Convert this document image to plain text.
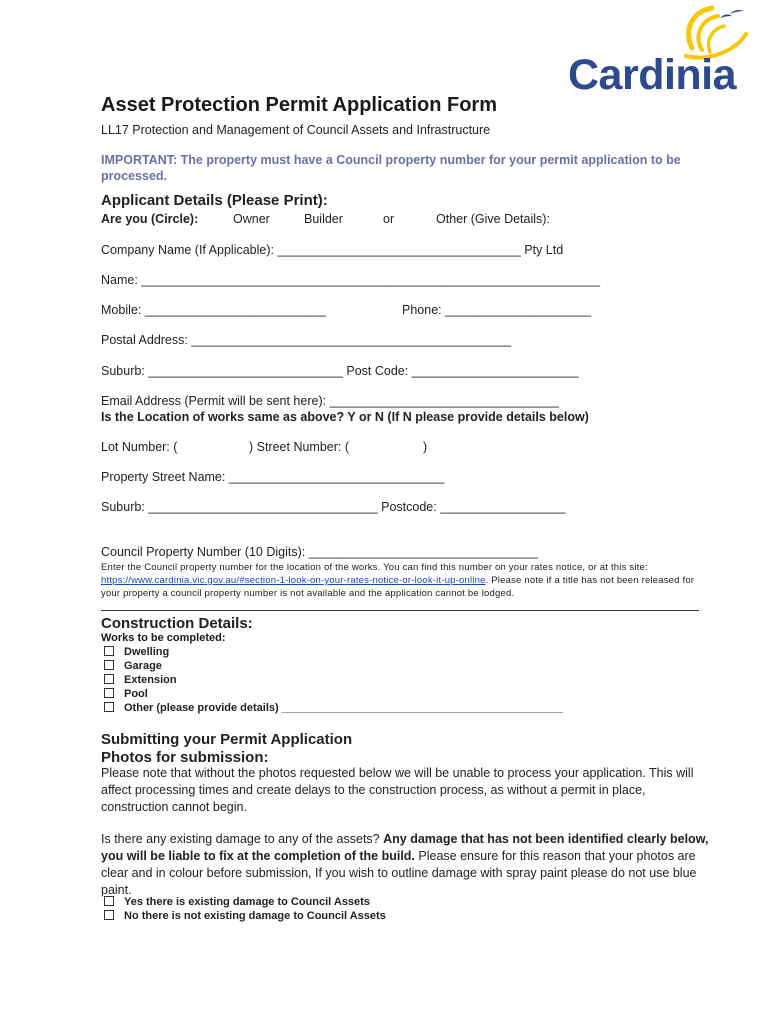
Cardinia
Asset Protection Permit Application Form
LL17 Protection and Management of Council Assets and Infrastructure
IMPORTANT: The property must have a Council property number for your permit application to be processed.
Applicant Details (Please Print):
Are you (Circle):	Owner	Builder	or	Other (Give Details):
Company Name (If Applicable): ___________________________________ Pty Ltd
Name: __________________________________________________________________
Mobile: __________________________	Phone: _____________________
Postal Address: ______________________________________________
Suburb: ____________________________ Post Code: ________________________
Email Address (Permit will be sent here): _________________________________
Is the Location of works same as above? Y or N (If N please provide details below)
Lot Number: (	) Street Number: (	)
Property Street Name: _______________________________
Suburb: _________________________________ Postcode: __________________
Council Property Number (10 Digits): _________________________________
Enter the Council property number for the location of the works. You can find this number on your rates notice, or at this site: https://www.cardinia.vic.gov.au/#section-1-look-on-your-rates-notice-or-look-it-up-online. Please note if a title has not been released for your property a council property number is not available and the application cannot be lodged.
Construction Details:
Works to be completed:
Dwelling
Garage
Extension
Pool
Other (please provide details) ______________________________________________
Submitting your Permit Application
Photos for submission:
Please note that without the photos requested below we will be unable to process your application. This will affect processing times and create delays to the construction process, as without a permit in place, construction cannot begin.
Is there any existing damage to any of the assets? Any damage that has not been identified clearly below, you will be liable to fix at the completion of the build. Please ensure for this reason that your photos are clear and in colour before submission, If you wish to outline damage with spray paint please do not use blue paint.
Yes there is existing damage to Council Assets
No there is not existing damage to Council Assets
